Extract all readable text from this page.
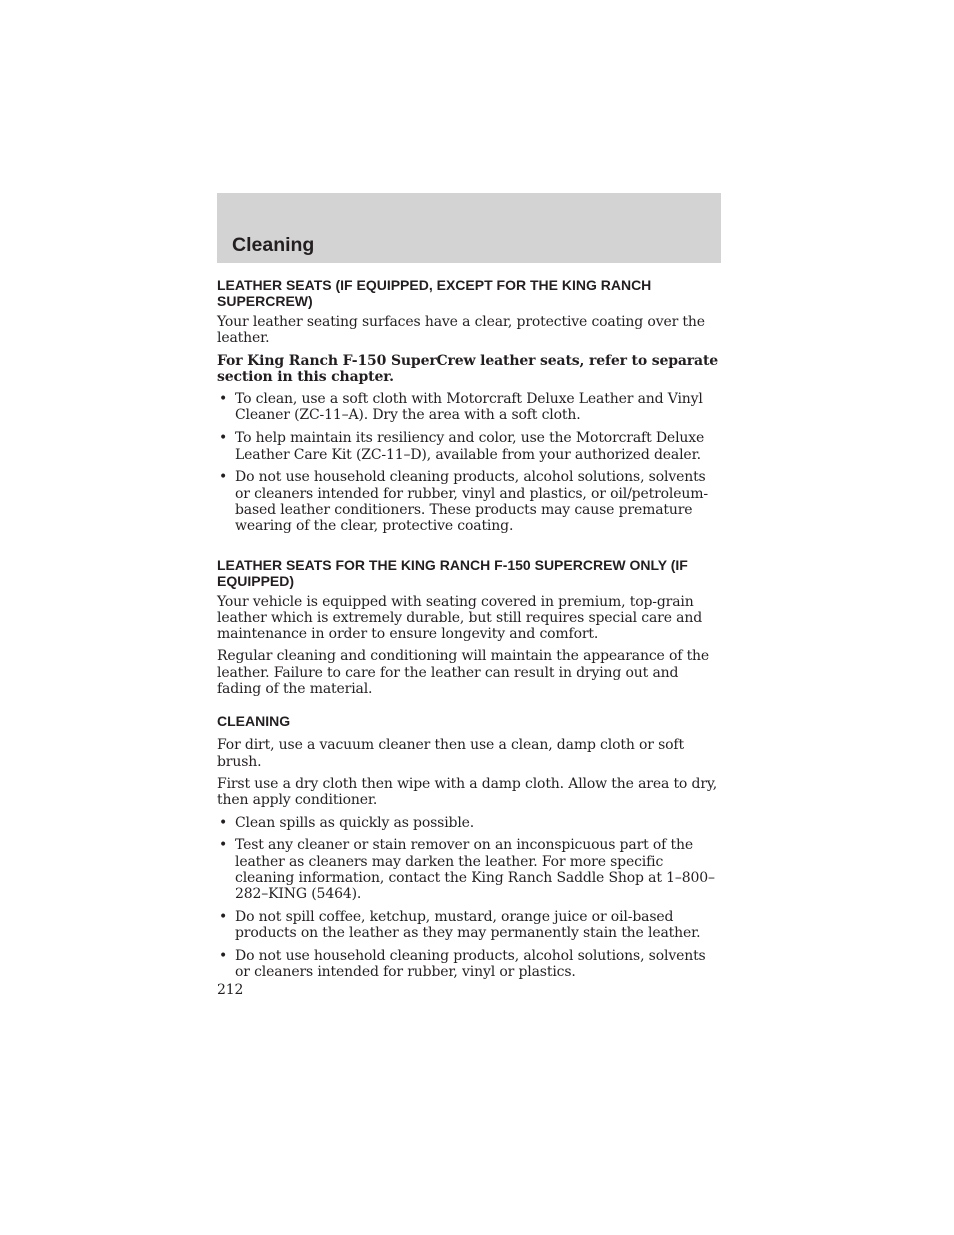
Cleaning
LEATHER SEATS (IF EQUIPPED, EXCEPT FOR THE KING RANCH SUPERCREW)

Your leather seating surfaces have a clear, protective coating over the leather.

For King Ranch F-150 SuperCrew leather seats, refer to separate section in this chapter.

• To clean, use a soft cloth with Motorcraft Deluxe Leather and Vinyl Cleaner (ZC-11–A). Dry the area with a soft cloth.
• To help maintain its resiliency and color, use the Motorcraft Deluxe Leather Care Kit (ZC-11–D), available from your authorized dealer.
• Do not use household cleaning products, alcohol solutions, solvents or cleaners intended for rubber, vinyl and plastics, or oil/petroleum-based leather conditioners. These products may cause premature wearing of the clear, protective coating.
LEATHER SEATS FOR THE KING RANCH F-150 SUPERCREW ONLY (IF EQUIPPED)

Your vehicle is equipped with seating covered in premium, top-grain leather which is extremely durable, but still requires special care and maintenance in order to ensure longevity and comfort.

Regular cleaning and conditioning will maintain the appearance of the leather. Failure to care for the leather can result in drying out and fading of the material.

CLEANING

For dirt, use a vacuum cleaner then use a clean, damp cloth or soft brush.

First use a dry cloth then wipe with a damp cloth. Allow the area to dry, then apply conditioner.

• Clean spills as quickly as possible.
• Test any cleaner or stain remover on an inconspicuous part of the leather as cleaners may darken the leather. For more specific cleaning information, contact the King Ranch Saddle Shop at 1–800–282–KING (5464).
• Do not spill coffee, ketchup, mustard, orange juice or oil-based products on the leather as they may permanently stain the leather.
• Do not use household cleaning products, alcohol solutions, solvents or cleaners intended for rubber, vinyl or plastics.

212
